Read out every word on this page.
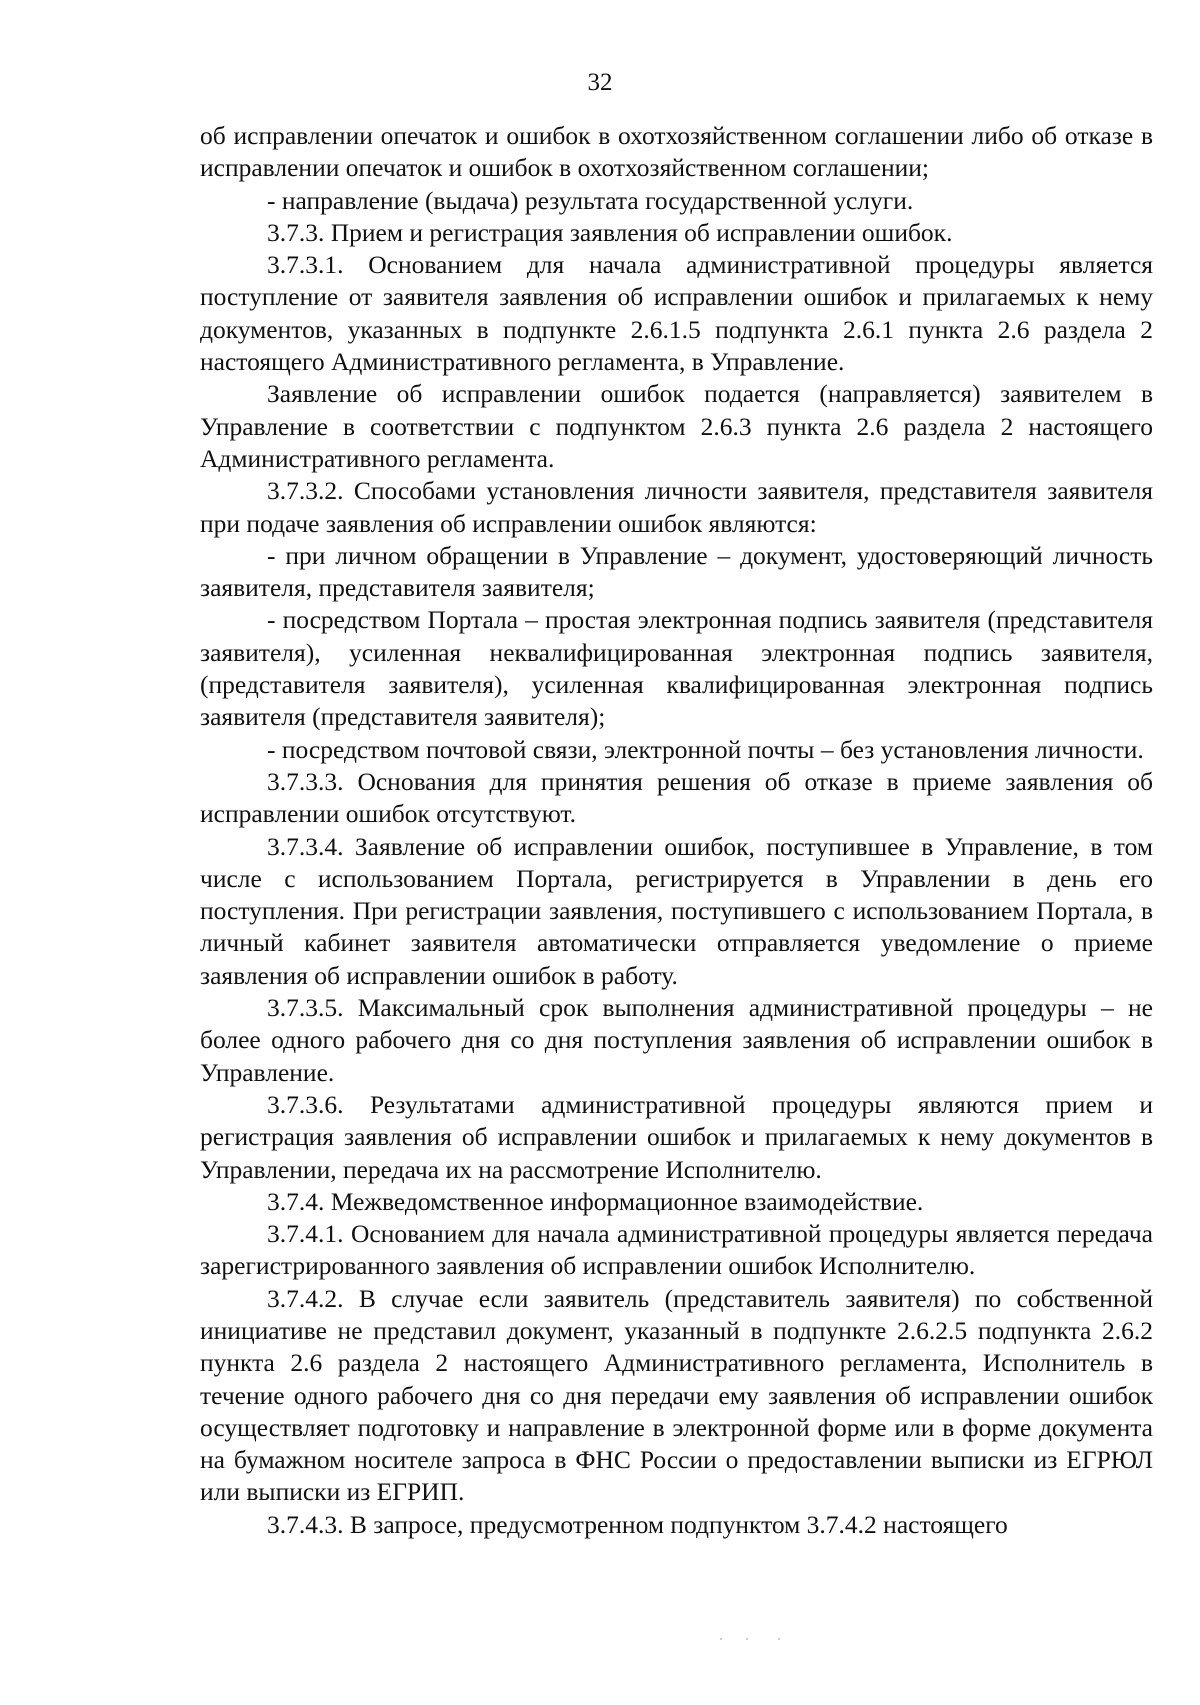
32

об исправлении опечаток и ошибок в охотхозяйственном соглашении либо об отказе в исправлении опечаток и ошибок в охотхозяйственном соглашении;

- направление (выдача) результата государственной услуги.

3.7.3. Прием и регистрация заявления об исправлении ошибок.

3.7.3.1. Основанием для начала административной процедуры является поступление от заявителя заявления об исправлении ошибок и прилагаемых к нему документов, указанных в подпункте 2.6.1.5 подпункта 2.6.1 пункта 2.6 раздела 2 настоящего Административного регламента, в Управление.

Заявление об исправлении ошибок подается (направляется) заявителем в Управление в соответствии с подпунктом 2.6.3 пункта 2.6 раздела 2 настоящего Административного регламента.

3.7.3.2. Способами установления личности заявителя, представителя заявителя при подаче заявления об исправлении ошибок являются:

- при личном обращении в Управление – документ, удостоверяющий личность заявителя, представителя заявителя;

- посредством Портала – простая электронная подпись заявителя (представителя заявителя), усиленная неквалифицированная электронная подпись заявителя, (представителя заявителя), усиленная квалифицированная электронная подпись заявителя (представителя заявителя);

- посредством почтовой связи, электронной почты – без установления личности.

3.7.3.3. Основания для принятия решения об отказе в приеме заявления об исправлении ошибок отсутствуют.

3.7.3.4. Заявление об исправлении ошибок, поступившее в Управление, в том числе с использованием Портала, регистрируется в Управлении в день его поступления. При регистрации заявления, поступившего с использованием Портала, в личный кабинет заявителя автоматически отправляется уведомление о приеме заявления об исправлении ошибок в работу.

3.7.3.5. Максимальный срок выполнения административной процедуры – не более одного рабочего дня со дня поступления заявления об исправлении ошибок в Управление.

3.7.3.6. Результатами административной процедуры являются прием и регистрация заявления об исправлении ошибок и прилагаемых к нему документов в Управлении, передача их на рассмотрение Исполнителю.

3.7.4. Межведомственное информационное взаимодействие.

3.7.4.1. Основанием для начала административной процедуры является передача зарегистрированного заявления об исправлении ошибок Исполнителю.

3.7.4.2. В случае если заявитель (представитель заявителя) по собственной инициативе не представил документ, указанный в подпункте 2.6.2.5 подпункта 2.6.2 пункта 2.6 раздела 2 настоящего Административного регламента, Исполнитель в течение одного рабочего дня со дня передачи ему заявления об исправлении ошибок осуществляет подготовку и направление в электронной форме или в форме документа на бумажном носителе запроса в ФНС России о предоставлении выписки из ЕГРЮЛ или выписки из ЕГРИП.

3.7.4.3. В запросе, предусмотренном подпунктом 3.7.4.2 настоящего
